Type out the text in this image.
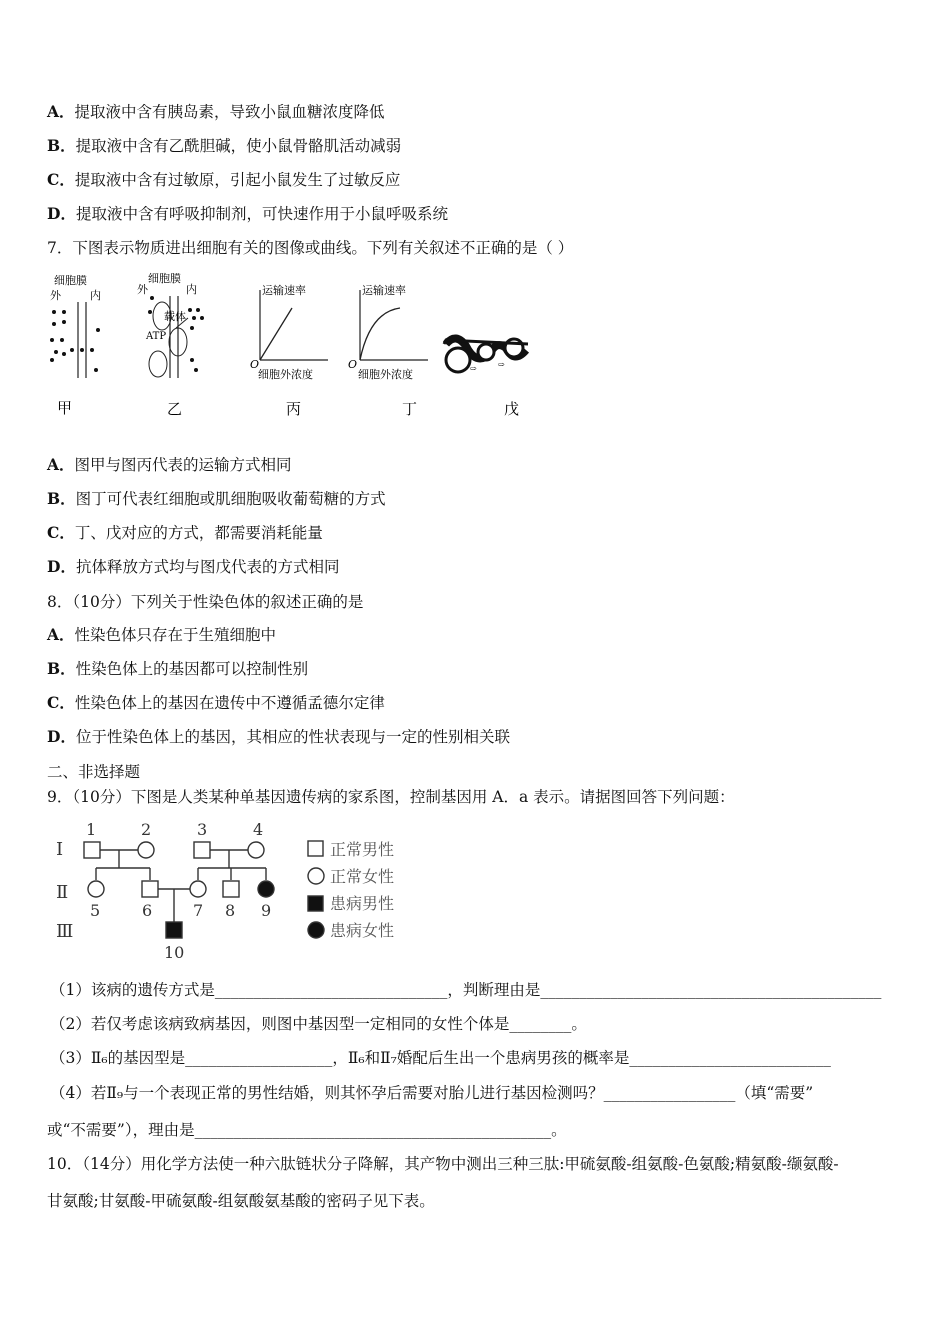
A．提取液中含有胰岛素，导致小鼠血糖浓度降低
B．提取液中含有乙酰胆碱，使小鼠骨骼肌活动减弱
C．提取液中含有过敏原，引起小鼠发生了过敏反应
D．提取液中含有呼吸抑制剂，可快速作用于小鼠呼吸系统
7．下图表示物质进出细胞有关的图像或曲线。下列有关叙述不正确的是（ ）
细胞膜
外	内
细胞膜
外	内
载体
ATP
运输速率
O
细胞外浓度
运输速率
O
细胞外浓度	⇨	⇨
甲	乙	丙	丁	戊
A．图甲与图丙代表的运输方式相同
B．图丁可代表红细胞或肌细胞吸收葡萄糖的方式
C．丁、戊对应的方式，都需要消耗能量
D．抗体释放方式均与图戊代表的方式相同
8．（10分）下列关于性染色体的叙述正确的是
A．性染色体只存在于生殖细胞中
B．性染色体上的基因都可以控制性别
C．性染色体上的基因在遗传中不遵循孟德尔定律
D．位于性染色体上的基因，其相应的性状表现与一定的性别相关联
二、非选择题
9．（10分）下图是人类某种单基因遗传病的家系图，控制基因用 A．a 表示。请据图回答下列问题：
Ⅰ
Ⅱ
Ⅲ
1	2	3	4
5	6	7 8 9
10
正常男性
正常女性
患病男性
患病女性
（1）该病的遗传方式是______________________________，判断理由是____________________________________________
（2）若仅考虑该病致病基因，则图中基因型一定相同的女性个体是________。
（3）Ⅱ₆的基因型是___________________，Ⅱ₆和Ⅱ₇婚配后生出一个患病男孩的概率是__________________________
（4）若Ⅱ₉与一个表现正常的男性结婚，则其怀孕后需要对胎儿进行基因检测吗？_________________（填“需要”
或“不需要”），理由是______________________________________________。
10．（14分）用化学方法使一种六肽链状分子降解，其产物中测出三种三肽:甲硫氨酸-组氨酸-色氨酸;精氨酸-缬氨酸-
甘氨酸;甘氨酸-甲硫氨酸-组氨酸氨基酸的密码子见下表。
